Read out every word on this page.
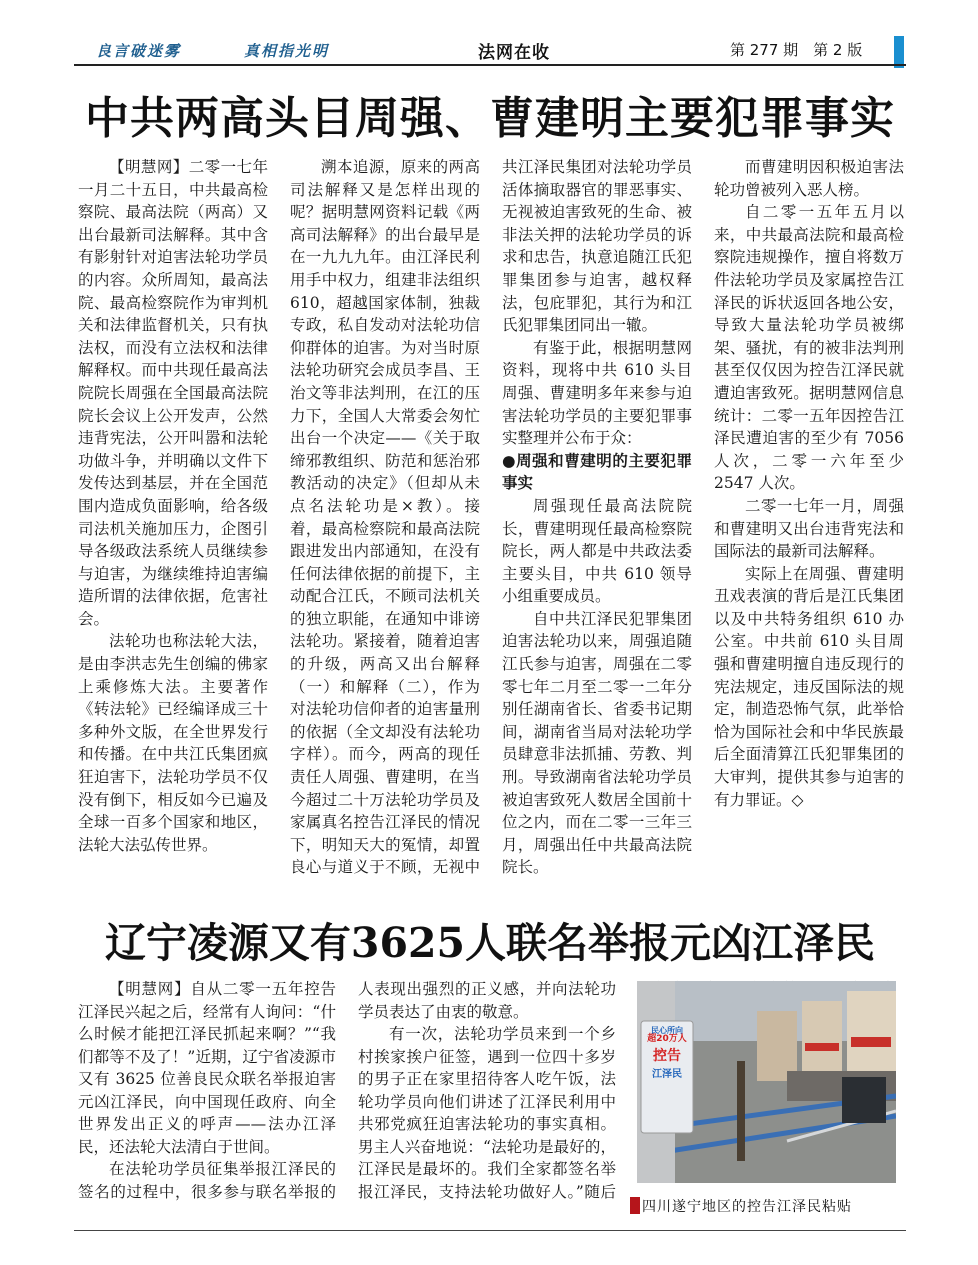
良言破迷雾	真相指光明	法网在收	第 277 期　第 2 版
中共两高头目周强、曹建明主要犯罪事实

【明慧网】二零一七年一月二十五日，中共最高检察院、最高法院（两高）又出台最新司法解释。其中含有影射针对迫害法轮功学员的内容。众所周知，最高法院、最高检察院作为审判机关和法律监督机关，只有执法权，而没有立法权和法律解释权。而中共现任最高法院院长周强在全国最高法院院长会议上公开发声，公然违背宪法，公开叫嚣和法轮功做斗争，并明确以文件下发传达到基层，并在全国范围内造成负面影响，给各级司法机关施加压力，企图引导各级政法系统人员继续参与迫害，为继续维持迫害编造所谓的法律依据，危害社会。

法轮功也称法轮大法，是由李洪志先生创编的佛家上乘修炼大法。主要著作《转法轮》已经编译成三十多种外文版，在全世界发行和传播。在中共江氏集团疯狂迫害下，法轮功学员不仅没有倒下，相反如今已遍及全球一百多个国家和地区，法轮大法弘传世界。

溯本追源，原来的两高司法解释又是怎样出现的呢？据明慧网资料记载《两高司法解释》的出台最早是在一九九九年。由江泽民利用手中权力，组建非法组织610，超越国家体制，独裁专政，私自发动对法轮功信仰群体的迫害。为对当时原法轮功研究会成员李昌、王治文等非法判刑，在江的压力下，全国人大常委会匆忙出台一个决定——《关于取缔邪教组织、防范和惩治邪教活动的决定》（但却从未点名法轮功是×教）。接着，最高检察院和最高法院跟进发出内部通知，在没有任何法律依据的前提下，主动配合江氏，不顾司法机关的独立职能，在通知中诽谤法轮功。紧接着，随着迫害的升级，两高又出台解释（一）和解释（二），作为对法轮功信仰者的迫害量刑的依据（全文却没有法轮功字样）。而今，两高的现任责任人周强、曹建明，在当今超过二十万法轮功学员及家属真名控告江泽民的情况下，明知天大的冤情，却置良心与道义于不顾，无视中共江泽民集团对法轮功学员活体摘取器官的罪恶事实、无视被迫害致死的生命、被非法关押的法轮功学员的诉求和忠告，执意追随江氏犯罪集团参与迫害，越权释法，包庇罪犯，其行为和江氏犯罪集团同出一辙。

有鉴于此，根据明慧网资料，现将中共 610 头目周强、曹建明多年来参与迫害法轮功学员的主要犯罪事实整理并公布于众：

●周强和曹建明的主要犯罪事实

周强现任最高法院院长，曹建明现任最高检察院院长，两人都是中共政法委主要头目，中共 610 领导小组重要成员。

自中共江泽民犯罪集团迫害法轮功以来，周强追随江氏参与迫害，周强在二零零七年二月至二零一二年分别任湖南省长、省委书记期间，湖南省当局对法轮功学员肆意非法抓捕、劳教、判刑。导致湖南省法轮功学员被迫害致死人数居全国前十位之内，而在二零一三年三月，周强出任中共最高法院院长。

而曹建明因积极迫害法轮功曾被列入恶人榜。

自二零一五年五月以来，中共最高法院和最高检察院违规操作，擅自将数万件法轮功学员及家属控告江泽民的诉状返回各地公安，导致大量法轮功学员被绑架、骚扰，有的被非法判刑甚至仅仅因为控告江泽民就遭迫害致死。据明慧网信息统计：二零一五年因控告江泽民遭迫害的至少有 7056 人次，二零一六年至少 2547 人次。

二零一七年一月，周强和曹建明又出台违背宪法和国际法的最新司法解释。

实际上在周强、曹建明丑戏表演的背后是江氏集团以及中共特务组织 610 办公室。中共前 610 头目周强和曹建明擅自违反现行的宪法规定，违反国际法的规定，制造恐怖气氛，此举恰恰为国际社会和中华民族最后全面清算江氏犯罪集团的大审判，提供其参与迫害的有力罪证。◇

辽宁凌源又有3625人联名举报元凶江泽民

【明慧网】自从二零一五年控告江泽民兴起之后，经常有人询问：“什么时候才能把江泽民抓起来啊？”“我们都等不及了！”近期，辽宁省凌源市又有 3625 位善良民众联名举报迫害元凶江泽民，向中国现任政府、向全世界发出正义的呼声——法办江泽民，还法轮大法清白于世间。

在法轮功学员征集举报江泽民的签名的过程中，很多参与联名举报的人表现出强烈的正义感，并向法轮功学员表达了由衷的敬意。

有一次，法轮功学员来到一个乡村挨家挨户征签，遇到一位四十多岁的男子正在家里招待客人吃午饭，法轮功学员向他们讲述了江泽民利用中共邪党疯狂迫害法轮功的事实真相。男主人兴奋地说：“法轮功是最好的，江泽民是最坏的。我们全家都签名举报江泽民，支持法轮功做好人。”随后

民心所向
超20万人
控告
江泽民
四川遂宁地区的控告江泽民粘贴
